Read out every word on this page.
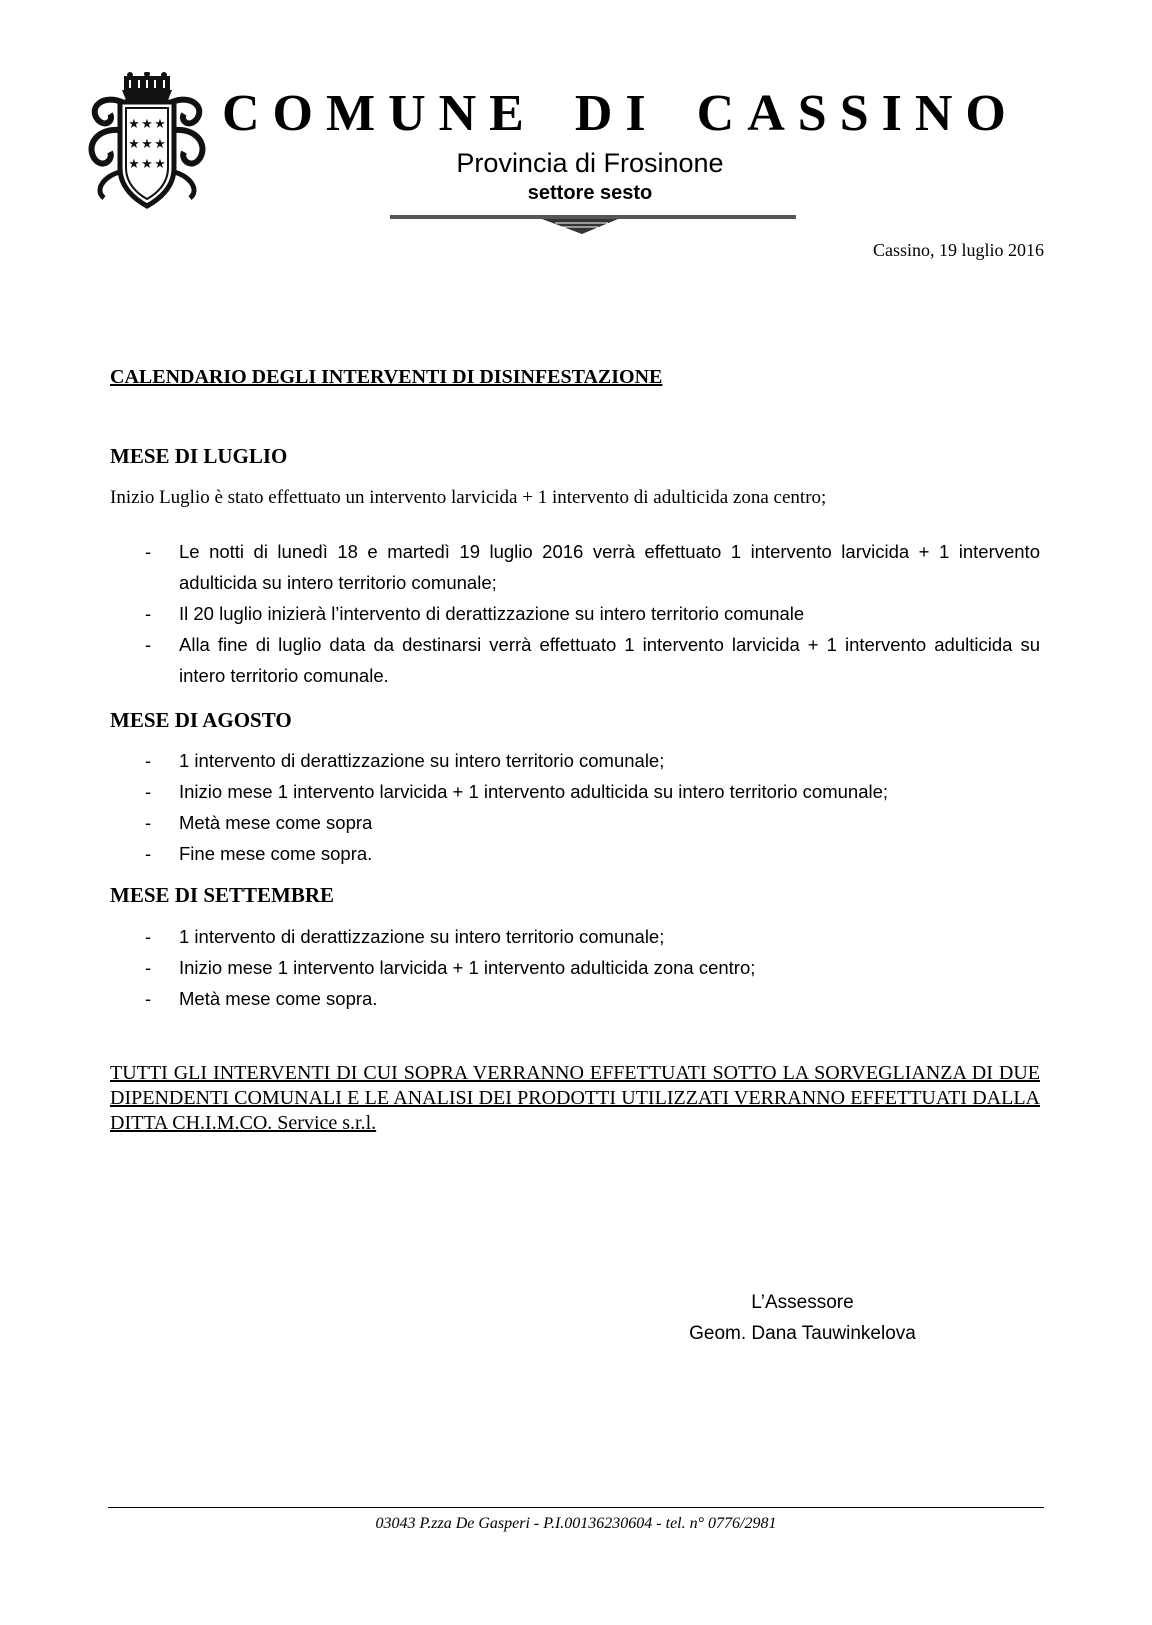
★ ★ ★
★ ★ ★
★ ★ ★
COMUNE DI CASSINO
Provincia di Frosinone
settore sesto
Cassino, 19 luglio 2016
CALENDARIO DEGLI INTERVENTI DI DISINFESTAZIONE
MESE DI LUGLIO
Inizio Luglio è stato effettuato un intervento larvicida + 1 intervento di adulticida zona centro;
- Le notti di lunedì 18 e martedì 19 luglio 2016 verrà effettuato 1 intervento larvicida + 1 intervento adulticida su intero territorio comunale;
- Il 20 luglio inizierà l’intervento di derattizzazione su intero territorio comunale
- Alla fine di luglio data da destinarsi verrà effettuato 1 intervento larvicida + 1 intervento adulticida su intero territorio comunale.
MESE DI AGOSTO
- 1 intervento di derattizzazione su intero territorio comunale;
- Inizio mese 1 intervento larvicida + 1 intervento adulticida su intero territorio comunale;
- Metà mese come sopra
- Fine mese come sopra.
MESE DI SETTEMBRE
- 1 intervento di derattizzazione su intero territorio comunale;
- Inizio mese 1 intervento larvicida + 1 intervento adulticida zona centro;
- Metà mese come sopra.
TUTTI GLI INTERVENTI DI CUI SOPRA VERRANNO EFFETTUATI SOTTO LA SORVEGLIANZA DI DUE DIPENDENTI COMUNALI E LE ANALISI DEI PRODOTTI UTILIZZATI VERRANNO EFFETTUATI DALLA DITTA CH.I.M.CO. Service s.r.l.
L’Assessore
Geom. Dana Tauwinkelova
03043 P.zza De Gasperi - P.I.00136230604 - tel. n° 0776/2981
